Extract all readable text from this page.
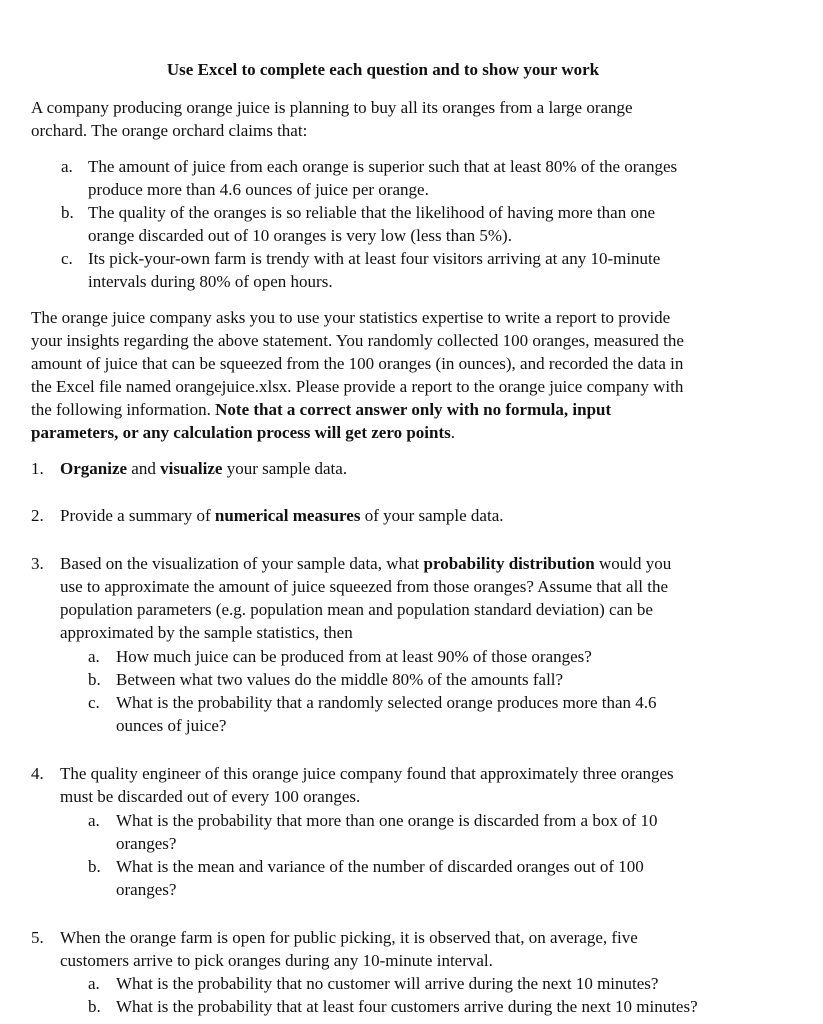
Use Excel to complete each question and to show your work
A company producing orange juice is planning to buy all its oranges from a large orange
orchard. The orange orchard claims that:
a. The amount of juice from each orange is superior such that at least 80% of the oranges
produce more than 4.6 ounces of juice per orange.
b. The quality of the oranges is so reliable that the likelihood of having more than one
orange discarded out of 10 oranges is very low (less than 5%).
c. Its pick-your-own farm is trendy with at least four visitors arriving at any 10-minute
intervals during 80% of open hours.
The orange juice company asks you to use your statistics expertise to write a report to provide
your insights regarding the above statement. You randomly collected 100 oranges, measured the
amount of juice that can be squeezed from the 100 oranges (in ounces), and recorded the data in
the Excel file named orangejuice.xlsx. Please provide a report to the orange juice company with
the following information. Note that a correct answer only with no formula, input
parameters, or any calculation process will get zero points.
1. Organize and visualize your sample data.
2. Provide a summary of numerical measures of your sample data.
3. Based on the visualization of your sample data, what probability distribution would you
use to approximate the amount of juice squeezed from those oranges? Assume that all the
population parameters (e.g. population mean and population standard deviation) can be
approximated by the sample statistics, then
a. How much juice can be produced from at least 90% of those oranges?
b. Between what two values do the middle 80% of the amounts fall?
c. What is the probability that a randomly selected orange produces more than 4.6
ounces of juice?
4. The quality engineer of this orange juice company found that approximately three oranges
must be discarded out of every 100 oranges.
a. What is the probability that more than one orange is discarded from a box of 10
oranges?
b. What is the mean and variance of the number of discarded oranges out of 100
oranges?
5. When the orange farm is open for public picking, it is observed that, on average, five
customers arrive to pick oranges during any 10-minute interval.
a. What is the probability that no customer will arrive during the next 10 minutes?
b. What is the probability that at least four customers arrive during the next 10 minutes?
